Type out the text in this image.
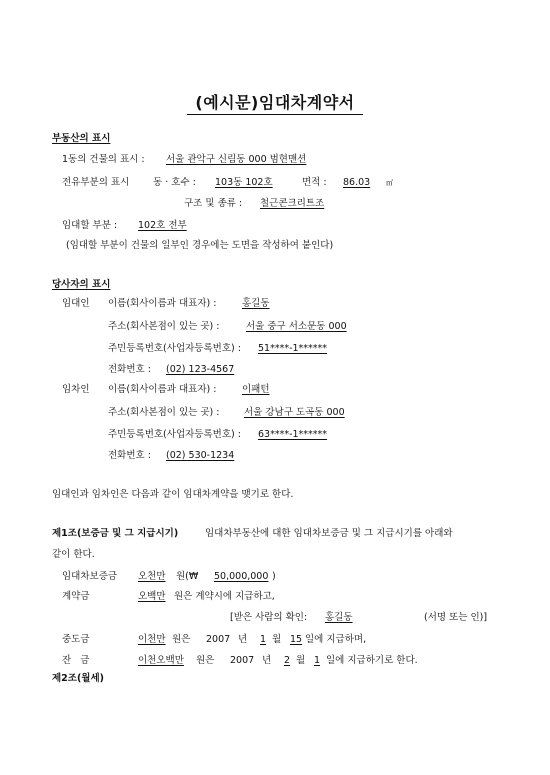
(예시문)임대차계약서
부동산의 표시
1동의 건물의 표시 : 서울 관악구 신림동 000 범현맨션
전유부분의 표시 동 · 호수 : 103동 102호	면적 : 86.03 ㎡
구조 및 종류 : 철근콘크리트조
임대할 부분 : 102호 전부
(임대할 부분이 건물의 일부인 경우에는 도면을 작성하여 붙인다)
당사자의 표시
임대인 이름(회사이름과 대표자) :	홍길동
주소(회사본점이 있는 곳) :	서울 중구 서소문동 000
주민등록번호(사업자등록번호) : 51****-1******
전화번호 : (02) 123-4567
임차인 이름(회사이름과 대표자) :	이패턴
주소(회사본점이 있는 곳) :	서울 강남구 도곡동 000
주민등록번호(사업자등록번호) : 63****-1******
전화번호 : (02) 530-1234
임대인과 임차인은 다음과 같이 임대차계약을 맺기로 한다.
제1조(보증금 및 그 지급시기)	임대차부동산에 대한 임대차보증금 및 그 지급시기를 아래와
같이 한다.
임대차보증금 오천만 원(₩ 50,000,000 )
계약금	오백만 원은 계약시에 지급하고,
[받은 사람의 확인: 홍길동	(서명 또는 인)]
중도금	이천만 원은 2007 년 1 월 15 일에 지급하며,
잔   금	이천오백만 원은 2007 년 2 월 1 일에 지급하기로 한다.
제2조(월세)
